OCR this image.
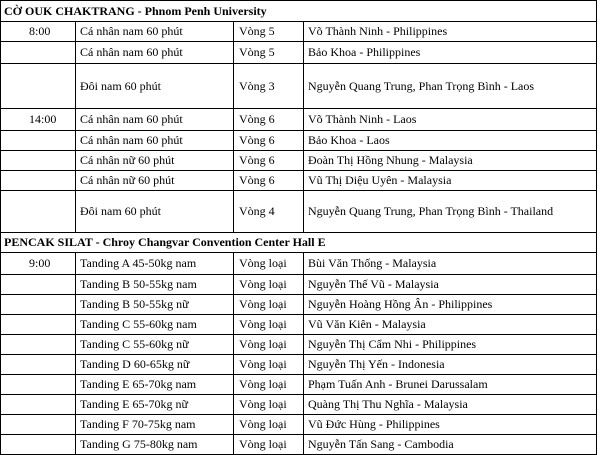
CỜ OUK CHAKTRANG - Phnom Penh University			
8:00	Cá nhân nam 60 phút	Vòng 5	Võ Thành Ninh - Philippines
	Cá nhân nam 60 phút	Vòng 5	Bảo Khoa - Philippines
	Đôi nam 60 phút	Vòng 3	Nguyễn Quang Trung, Phan Trọng Bình - Laos
14:00	Cá nhân nam 60 phút	Vòng 6	Võ Thành Ninh - Laos
	Cá nhân nam 60 phút	Vòng 6	Bảo Khoa - Laos
	Cá nhân nữ 60 phút	Vòng 6	Đoàn Thị Hồng Nhung - Malaysia
	Cá nhân nữ 60 phút	Vòng 6	Vũ Thị Diệu Uyên - Malaysia
	Đôi nam 60 phút	Vòng 4	Nguyễn Quang Trung, Phan Trọng Bình - Thailand
PENCAK SILAT - Chroy Changvar Convention Center Hall E			
9:00	Tanding A 45-50kg nam	Vòng loại	Bùi Văn Thống - Malaysia
	Tanding B 50-55kg nam	Vòng loại	Nguyễn Thế Vũ - Malaysia
	Tanding B 50-55kg nữ	Vòng loại	Nguyễn Hoàng Hồng Ân - Philippines
	Tanding C 55-60kg nam	Vòng loại	Vũ Văn Kiên - Malaysia
	Tanding C 55-60kg nữ	Vòng loại	Nguyễn Thị Cẩm Nhi - Philippines
	Tanding D 60-65kg nữ	Vòng loại	Nguyễn Thị Yến - Indonesia
	Tanding E 65-70kg nam	Vòng loại	Phạm Tuấn Anh - Brunei Darussalam
	Tanding E 65-70kg nữ	Vòng loại	Quàng Thị Thu Nghĩa - Malaysia
	Tanding F 70-75kg nam	Vòng loại	Vũ Đức Hùng - Philippines
	Tanding G 75-80kg nam	Vòng loại	Nguyễn Tấn Sang - Cambodia
